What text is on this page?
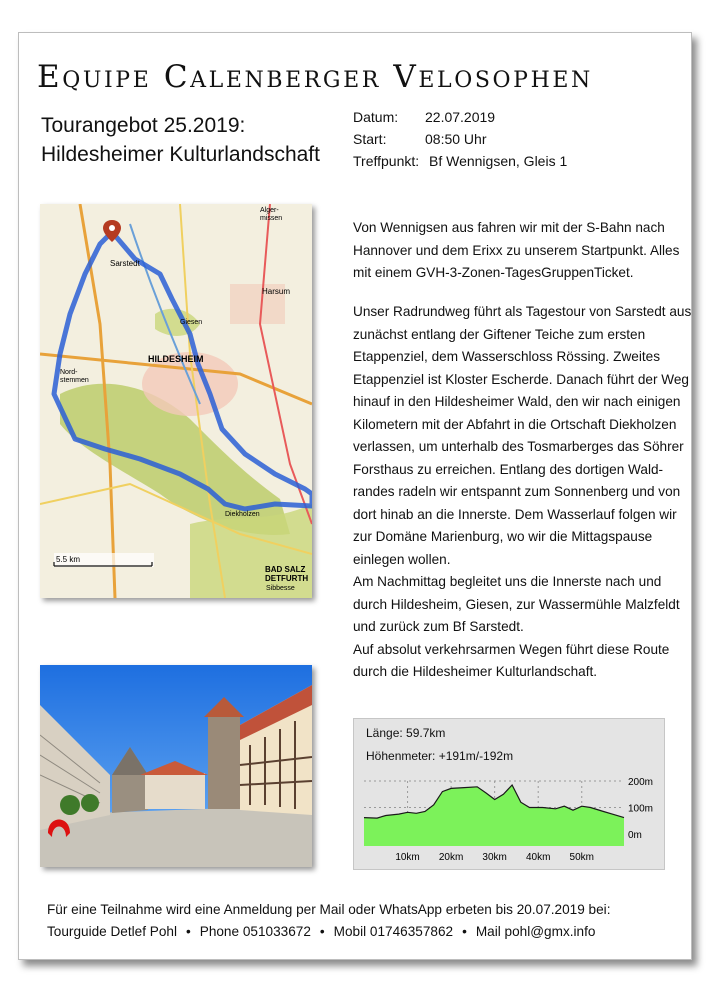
Equipe Calenberger Velosophen
Tourangebot 25.2019:
Hildesheimer Kulturlandschaft
Datum:	22.07.2019
Start:	08:50 Uhr
Treffpunkt: Bf Wennigsen, Gleis 1
Alger-
missen
Sarstedt
Harsum
Giesen
HILDESHEIM
Nord-
stemmen
Diekholzen
Sibbesse
BAD SALZ
DETFURTH
5.5 km
Von Wennigsen aus fahren wir mit der S-Bahn nach
Hannover und dem Erixx zu unserem Startpunkt. Alles
mit einem GVH-3-Zonen-TagesGruppenTicket.
Unser Radrundweg führt als Tagestour von Sarstedt aus
zunächst entlang der Giftener Teiche zum ersten
Etappenziel, dem Wasserschloss Rössing. Zweites
Etappenziel ist Kloster Escherde. Danach führt der Weg
hinauf in den Hildesheimer Wald, den wir nach einigen
Kilometern mit der Abfahrt in die Ortschaft Diekholzen
verlassen, um unterhalb des Tosmarberges das Söhrer
Forsthaus zu erreichen. Entlang des dortigen Wald-
randes radeln wir entspannt zum Sonnenberg und von
dort hinab an die Innerste. Dem Wasserlauf folgen wir
zur Domäne Marienburg, wo wir die Mittagspause
einlegen wollen.
Am Nachmittag begleitet uns die Innerste nach und
durch Hildesheim, Giesen, zur Wassermühle Malzfeldt
und zurück zum Bf Sarstedt.
Auf absolut verkehrsarmen Wegen führt diese Route
durch die Hildesheimer Kulturlandschaft.
Länge: 59.7km
Höhenmeter: +191m/-192m
200m
100m
0m
10km 20km 30km 40km 50km
Für eine Teilnahme wird eine Anmeldung per Mail oder WhatsApp erbeten bis 20.07.2019 bei:
Tourguide Detlef Pohl • Phone 051033672 • Mobil 01746357862 • Mail pohl@gmx.info
